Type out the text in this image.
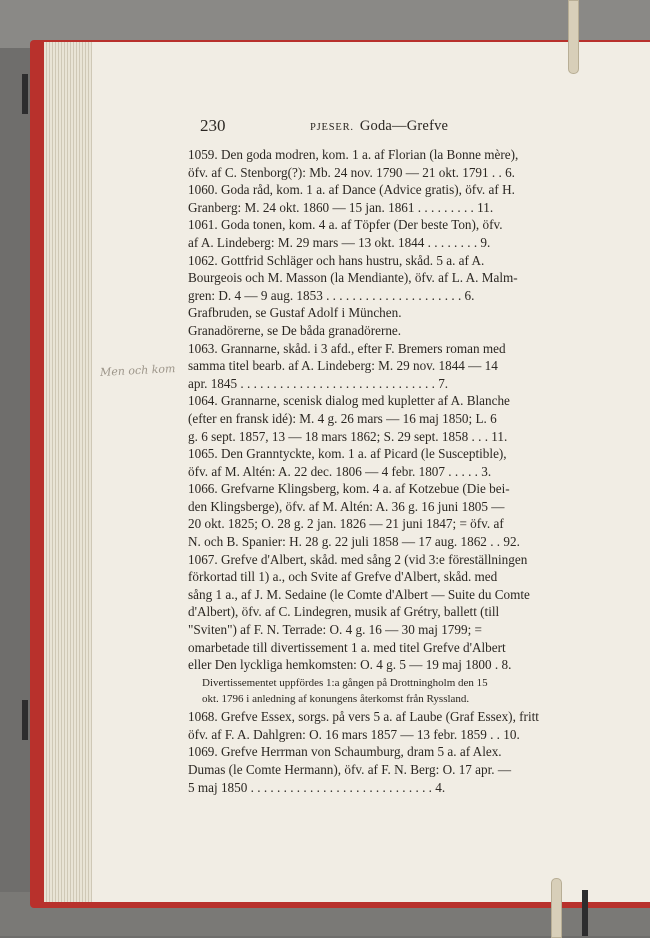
230	PJESER. Goda—Grefve
Men och kom

1059. Den goda modren, kom. 1 a. af Florian (la Bonne mère),

öfv. af C. Stenborg(?): Mb. 24 nov. 1790 — 21 okt. 1791 . . 6.

1060. Goda råd, kom. 1 a. af Dance (Advice gratis), öfv. af H.

Granberg: M. 24 okt. 1860 — 15 jan. 1861 . . . . . . . . . 11.

1061. Goda tonen, kom. 4 a. af Töpfer (Der beste Ton), öfv.

af A. Lindeberg: M. 29 mars — 13 okt. 1844 . . . . . . . . 9.

1062. Gottfrid Schläger och hans hustru, skåd. 5 a. af A.

Bourgeois och M. Masson (la Mendiante), öfv. af L. A. Malm-

gren: D. 4 — 9 aug. 1853 . . . . . . . . . . . . . . . . . . . . . 6.

Grafbruden, se Gustaf Adolf i München.

Granadörerne, se De båda granadörerne.

1063. Grannarne, skåd. i 3 afd., efter F. Bremers roman med

samma titel bearb. af A. Lindeberg: M. 29 nov. 1844 — 14

apr. 1845 . . . . . . . . . . . . . . . . . . . . . . . . . . . . . . 7.

1064. Grannarne, scenisk dialog med kupletter af A. Blanche

(efter en fransk idé): M. 4 g. 26 mars — 16 maj 1850; L. 6

g. 6 sept. 1857, 13 — 18 mars 1862; S. 29 sept. 1858 . . . 11.

1065. Den Granntyckte, kom. 1 a. af Picard (le Susceptible),

öfv. af M. Altén: A. 22 dec. 1806 — 4 febr. 1807 . . . . . 3.

1066. Grefvarne Klingsberg, kom. 4 a. af Kotzebue (Die bei-

den Klingsberge), öfv. af M. Altén: A. 36 g. 16 juni 1805 —

20 okt. 1825; O. 28 g. 2 jan. 1826 — 21 juni 1847; = öfv. af

N. och B. Spanier: H. 28 g. 22 juli 1858 — 17 aug. 1862 . . 92.

1067. Grefve d'Albert, skåd. med sång 2 (vid 3:e föreställningen

förkortad till 1) a., och Svite af Grefve d'Albert, skåd. med

sång 1 a., af J. M. Sedaine (le Comte d'Albert — Suite du Comte

d'Albert), öfv. af C. Lindegren, musik af Grétry, ballett (till

"Sviten") af F. N. Terrade: O. 4 g. 16 — 30 maj 1799; =

omarbetade till divertissement 1 a. med titel Grefve d'Albert

eller Den lyckliga hemkomsten: O. 4 g. 5 — 19 maj 1800 . 8.

Divertissementet uppfördes 1:a gången på Drottningholm den 15

okt. 1796 i anledning af konungens återkomst från Ryssland.

1068. Grefve Essex, sorgs. på vers 5 a. af Laube (Graf Essex), fritt

öfv. af F. A. Dahlgren: O. 16 mars 1857 — 13 febr. 1859 . . 10.

1069. Grefve Herrman von Schaumburg, dram 5 a. af Alex.

Dumas (le Comte Hermann), öfv. af F. N. Berg: O. 17 apr. —

5 maj 1850 . . . . . . . . . . . . . . . . . . . . . . . . . . . . 4.
